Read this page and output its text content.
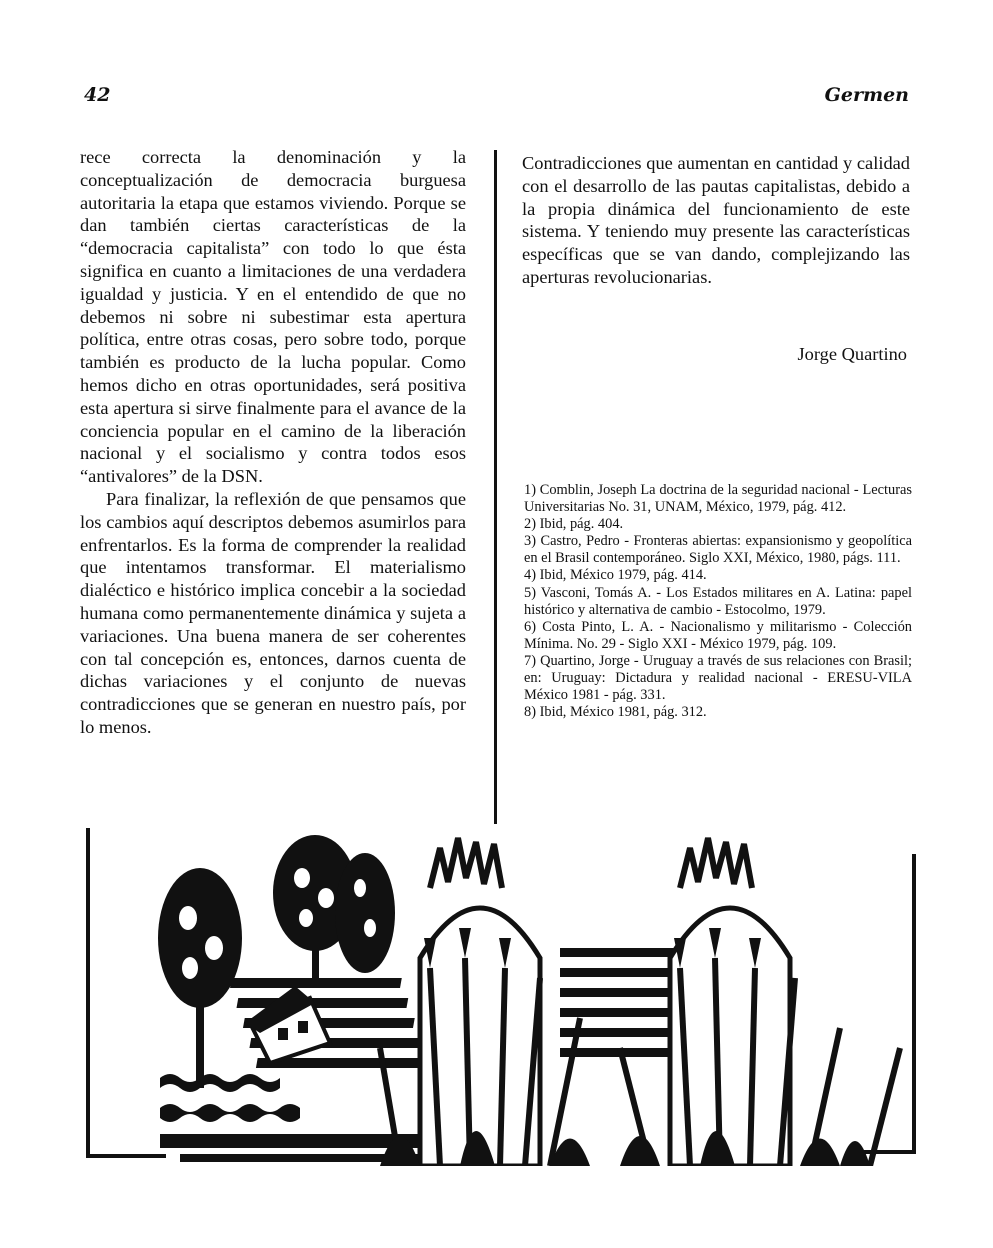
42	Germen

rece correcta la denominación y la conceptualización de democracia burguesa autoritaria la etapa que estamos viviendo. Porque se dan también ciertas características de la “democracia capitalista” con todo lo que ésta significa en cuanto a limitaciones de una verdadera igualdad y justicia. Y en el entendido de que no debemos ni sobre ni subestimar esta apertura política, entre otras cosas, pero sobre todo, porque también es producto de la lucha popular. Como hemos dicho en otras oportunidades, será positiva esta apertura si sirve finalmente para el avance de la conciencia popular en el camino de la liberación nacional y el socialismo y contra todos esos “antivalores” de la DSN.

Para finalizar, la reflexión de que pensamos que los cambios aquí descriptos debemos asumirlos para enfrentarlos. Es la forma de comprender la realidad que intentamos transformar. El materialismo dialéctico e histórico implica concebir a la sociedad humana como permanentemente dinámica y sujeta a variaciones. Una buena manera de ser coherentes con tal concepción es, entonces, darnos cuenta de dichas variaciones y el conjunto de nuevas contradicciones que se generan en nuestro país, por lo menos.

Contradicciones que aumentan en cantidad y calidad con el desarrollo de las pautas capitalistas, debido a la propia dinámica del funcionamiento de este sistema. Y teniendo muy presente las características específicas que se van dando, complejizando las aperturas revolucionarias.

Jorge Quartino
1) Comblin, Joseph La doctrina de la seguridad nacional - Lecturas Universitarias No. 31, UNAM, México, 1979, pág. 412.
2) Ibid, pág. 404.
3) Castro, Pedro - Fronteras abiertas: expansionismo y geopolítica en el Brasil contemporáneo. Siglo XXI, México, 1980, págs. 111.
4) Ibid, México 1979, pág. 414.
5) Vasconi, Tomás A. - Los Estados militares en A. Latina: papel histórico y alternativa de cambio - Estocolmo, 1979.
6) Costa Pinto, L. A. - Nacionalismo y militarismo - Colección Mínima. No. 29 - Siglo XXI - México 1979, pág. 109.
7) Quartino, Jorge - Uruguay a través de sus relaciones con Brasil; en: Uruguay: Dictadura y realidad nacional - ERESU-VILA México 1981 - pág. 331.
8) Ibid, México 1981, pág. 312.
